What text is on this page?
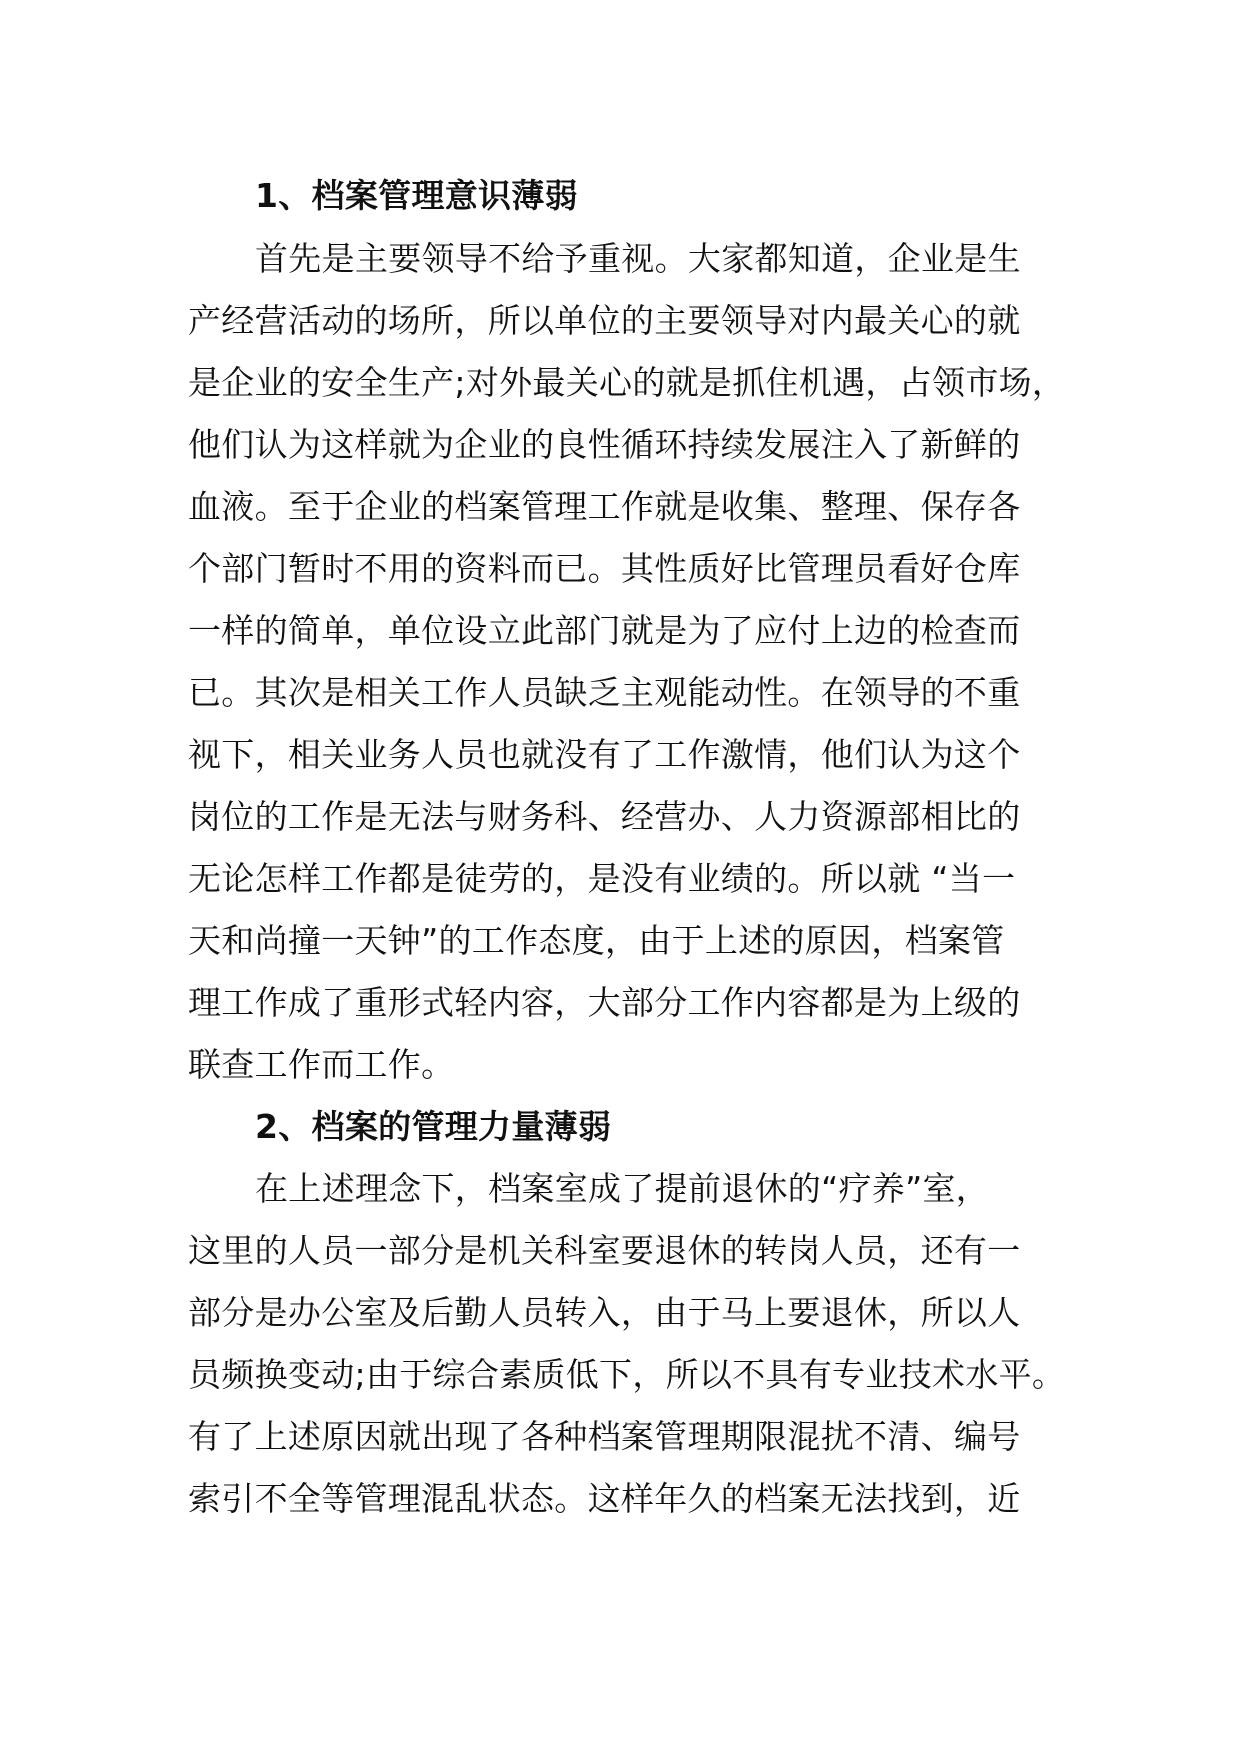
1、档案管理意识薄弱
首先是主要领导不给予重视。大家都知道，企业是生
产经营活动的场所，所以单位的主要领导对内最关心的就
是企业的安全生产;对外最关心的就是抓住机遇，占领市场，
他们认为这样就为企业的良性循环持续发展注入了新鲜的
血液。至于企业的档案管理工作就是收集、整理、保存各
个部门暂时不用的资料而已。其性质好比管理员看好仓库
一样的简单，单位设立此部门就是为了应付上边的检查而
已。其次是相关工作人员缺乏主观能动性。在领导的不重
视下，相关业务人员也就没有了工作激情，他们认为这个
岗位的工作是无法与财务科、经营办、人力资源部相比的
无论怎样工作都是徒劳的，是没有业绩的。所以就 “当一
天和尚撞一天钟”的工作态度，由于上述的原因，档案管
理工作成了重形式轻内容，大部分工作内容都是为上级的
联查工作而工作。
2、档案的管理力量薄弱
在上述理念下，档案室成了提前退休的“疗养”室，
这里的人员一部分是机关科室要退休的转岗人员，还有一
部分是办公室及后勤人员转入，由于马上要退休，所以人
员频换变动;由于综合素质低下，所以不具有专业技术水平。
有了上述原因就出现了各种档案管理期限混扰不清、编号
索引不全等管理混乱状态。这样年久的档案无法找到，近
